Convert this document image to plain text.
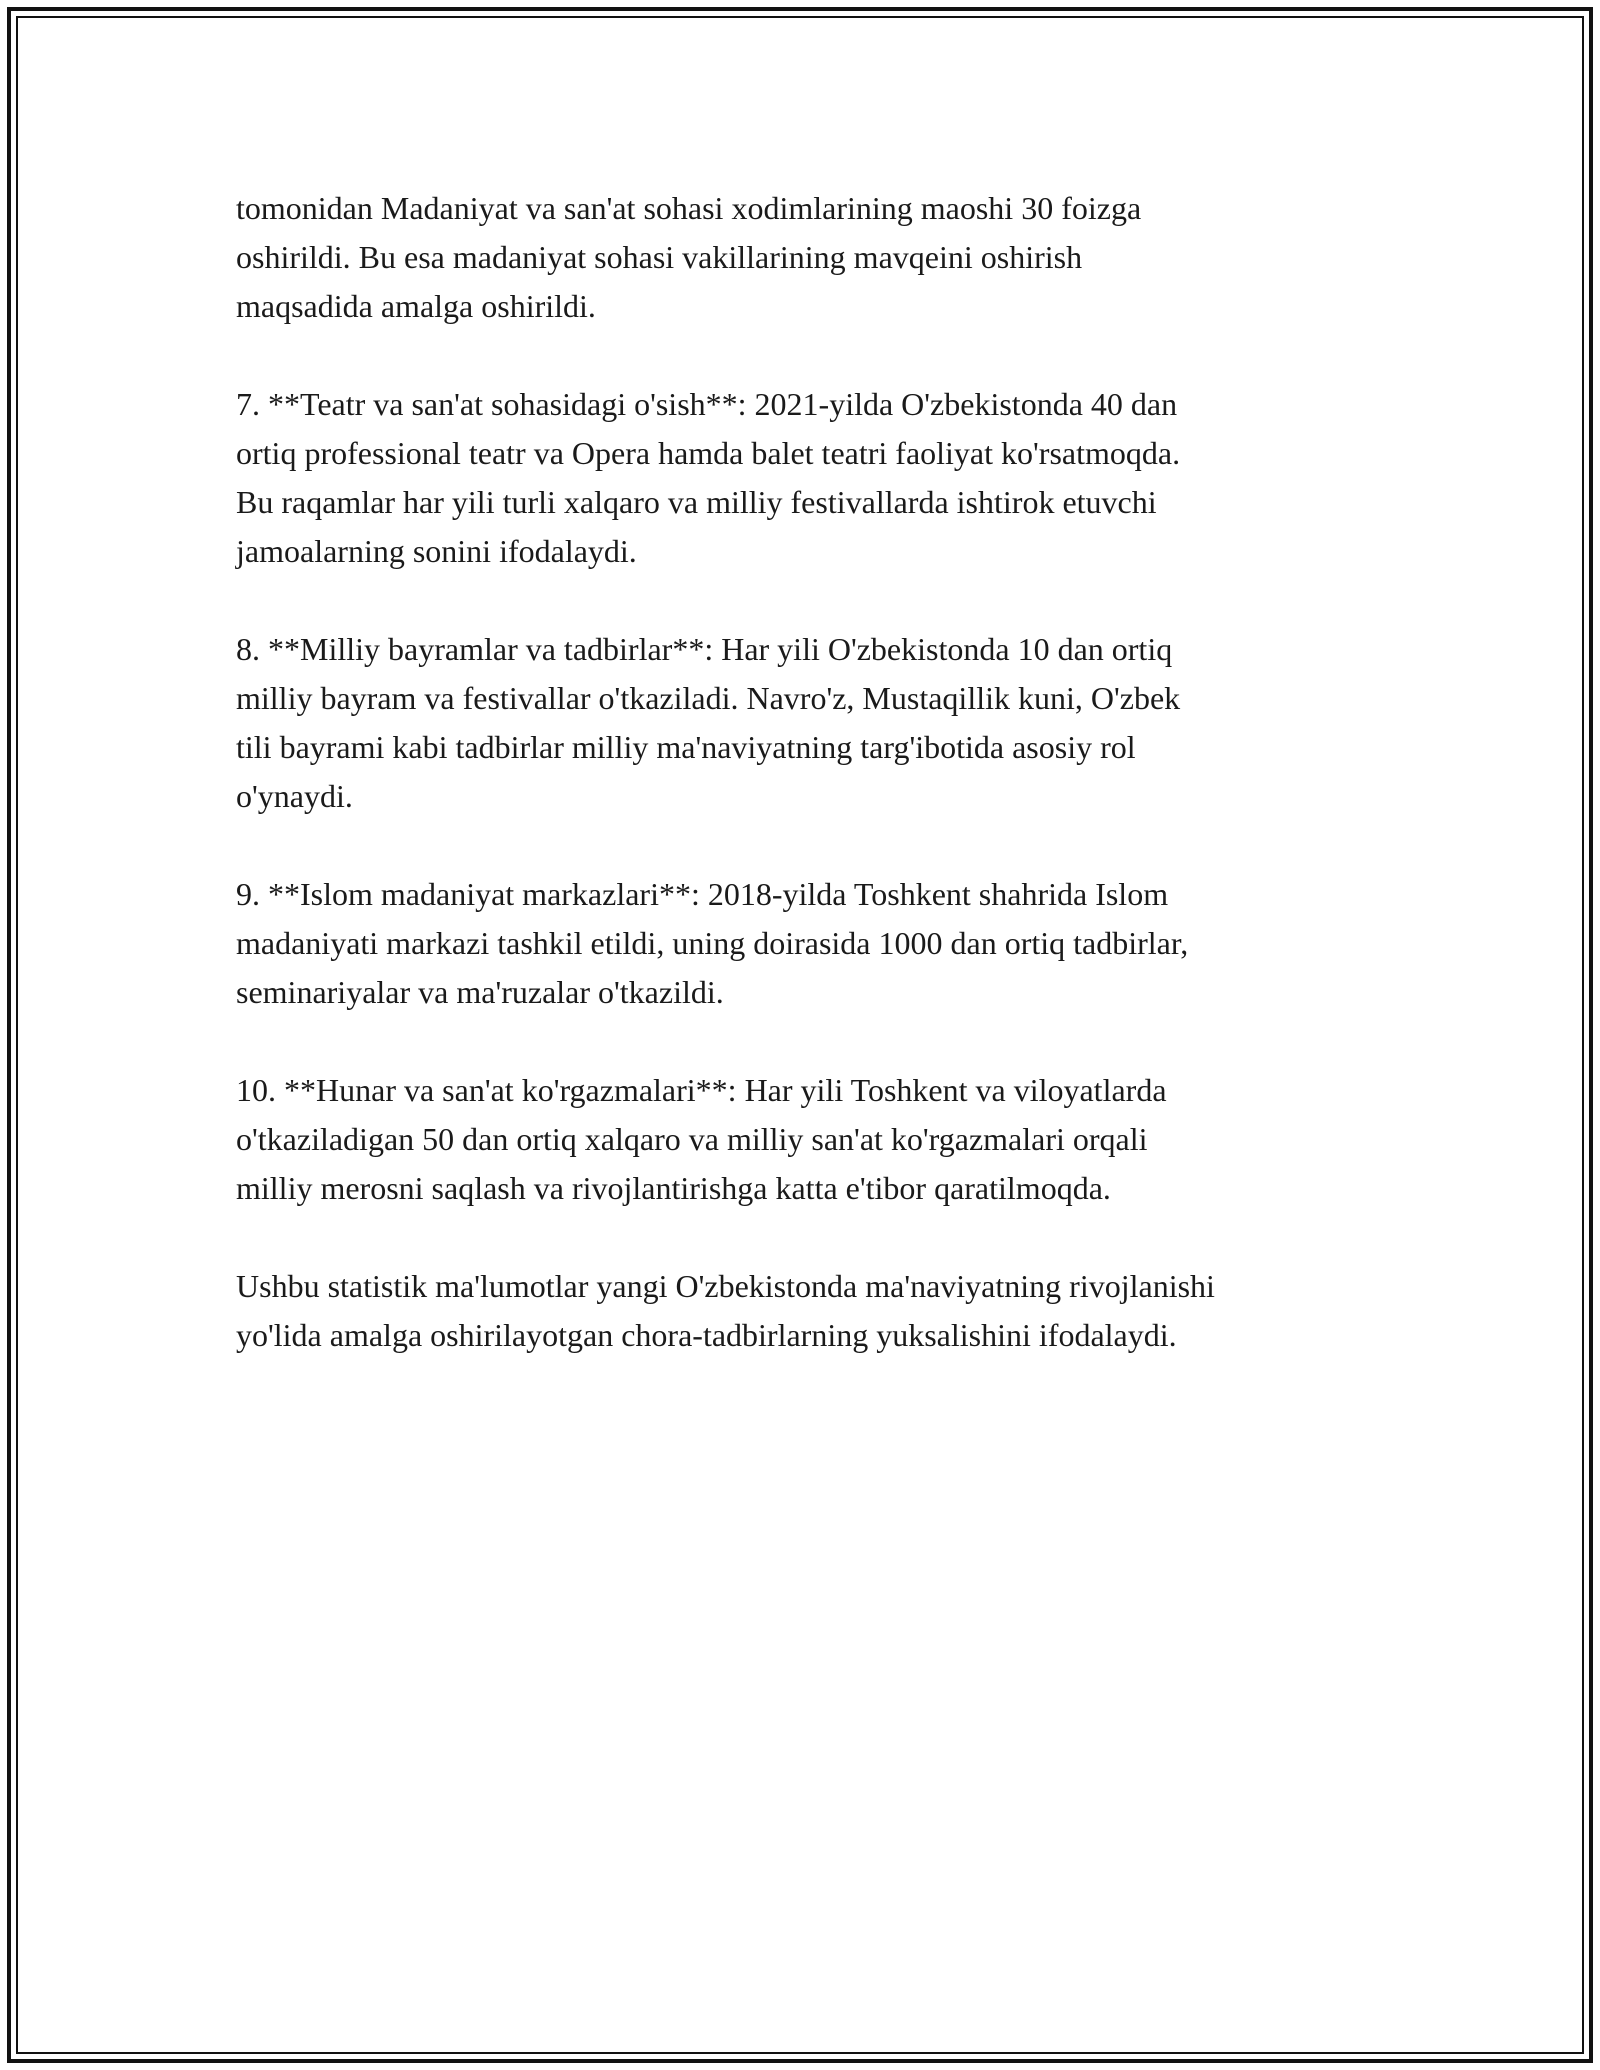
tomonidan Madaniyat va san'at sohasi xodimlarining maoshi 30 foizga
oshirildi. Bu esa madaniyat sohasi vakillarining mavqeini oshirish
maqsadida amalga oshirildi.

7. **Teatr va san'at sohasidagi o'sish**: 2021-yilda O'zbekistonda 40 dan
ortiq professional teatr va Opera hamda balet teatri faoliyat ko'rsatmoqda.
Bu raqamlar har yili turli xalqaro va milliy festivallarda ishtirok etuvchi
jamoalarning sonini ifodalaydi.

8. **Milliy bayramlar va tadbirlar**: Har yili O'zbekistonda 10 dan ortiq
milliy bayram va festivallar o'tkaziladi. Navro'z, Mustaqillik kuni, O'zbek
tili bayrami kabi tadbirlar milliy ma'naviyatning targ'ibotida asosiy rol
o'ynaydi.

9. **Islom madaniyat markazlari**: 2018-yilda Toshkent shahrida Islom
madaniyati markazi tashkil etildi, uning doirasida 1000 dan ortiq tadbirlar,
seminariyalar va ma'ruzalar o'tkazildi.

10. **Hunar va san'at ko'rgazmalari**: Har yili Toshkent va viloyatlarda
o'tkaziladigan 50 dan ortiq xalqaro va milliy san'at ko'rgazmalari orqali
milliy merosni saqlash va rivojlantirishga katta e'tibor qaratilmoqda.

Ushbu statistik ma'lumotlar yangi O'zbekistonda ma'naviyatning rivojlanishi
yo'lida amalga oshirilayotgan chora-tadbirlarning yuksalishini ifodalaydi.
